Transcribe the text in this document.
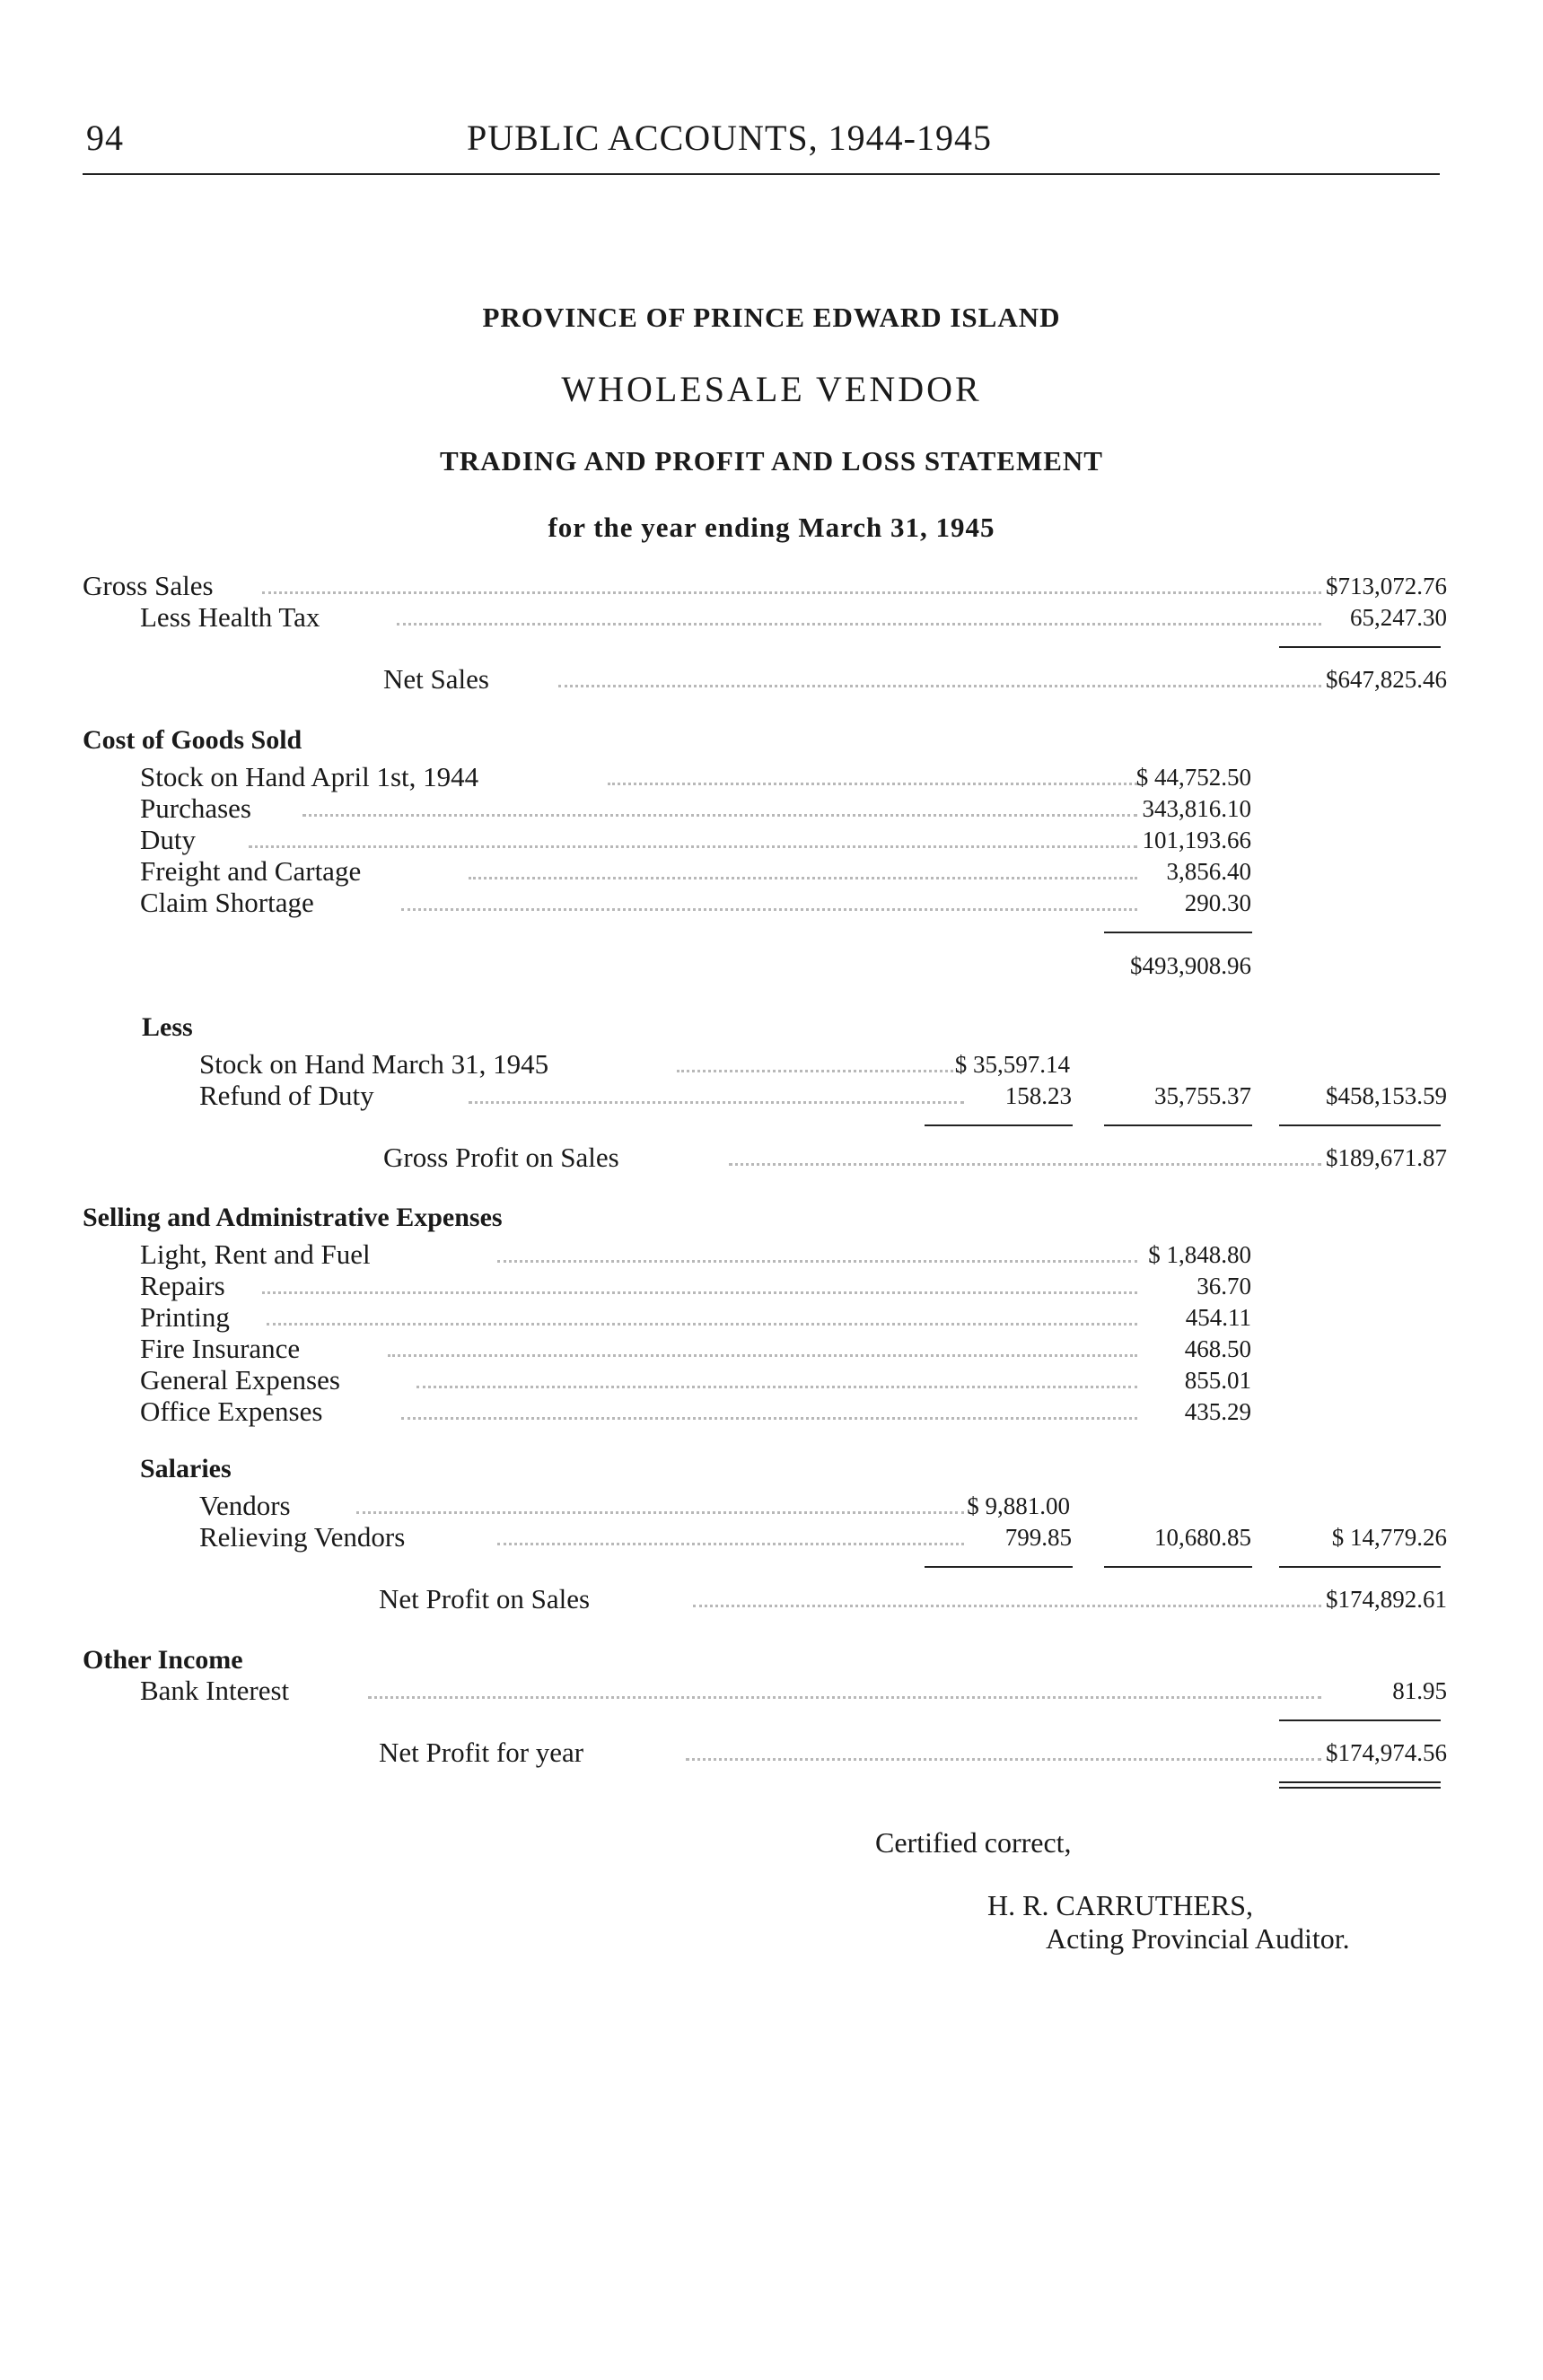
94	PUBLIC ACCOUNTS, 1944-1945
PROVINCE OF PRINCE EDWARD ISLAND
WHOLESALE VENDOR
TRADING AND PROFIT AND LOSS STATEMENT
for the year ending March 31, 1945
Gross Sales	$713,072.76
Less Health Tax	65,247.30
Net Sales	$647,825.46
Cost of Goods Sold
Stock on Hand April 1st, 1944	$ 44,752.50
Purchases	343,816.10
Duty	101,193.66
Freight and Cartage	3,856.40
Claim Shortage	290.30
$493,908.96
Less
Stock on Hand March 31, 1945	$ 35,597.14
Refund of Duty	158.23	35,755.37	$458,153.59
Gross Profit on Sales	$189,671.87
Selling and Administrative Expenses
Light, Rent and Fuel	$ 1,848.80
Repairs	36.70
Printing	454.11
Fire Insurance	468.50
General Expenses	855.01
Office Expenses	435.29
Salaries
Vendors	$ 9,881.00
Relieving Vendors	799.85	10,680.85	$ 14,779.26
Net Profit on Sales	$174,892.61
Other Income
Bank Interest	81.95
Net Profit for year	$174,974.56
Certified correct,
H. R. CARRUTHERS,
Acting Provincial Auditor.
